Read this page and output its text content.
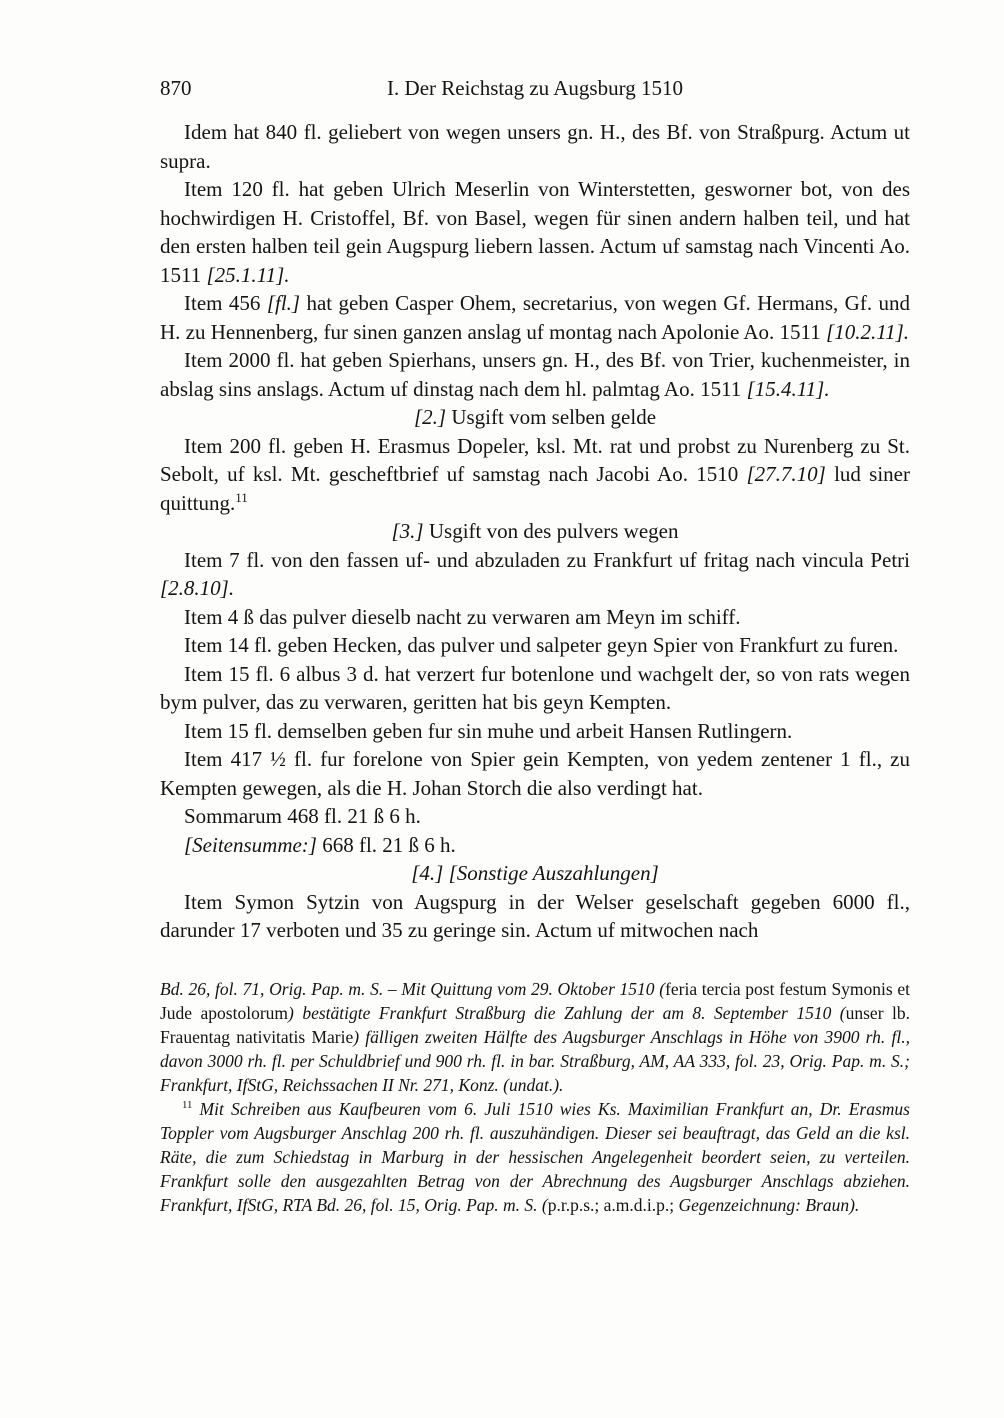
870	I. Der Reichstag zu Augsburg 1510

Idem hat 840 fl. geliebert von wegen unsers gn. H., des Bf. von Straßpurg. Actum ut supra.

Item 120 fl. hat geben Ulrich Meserlin von Winterstetten, gesworner bot, von des hochwirdigen H. Cristoffel, Bf. von Basel, wegen für sinen andern halben teil, und hat den ersten halben teil gein Augspurg liebern lassen. Actum uf samstag nach Vincenti Ao. 1511 [25.1.11].

Item 456 [fl.] hat geben Casper Ohem, secretarius, von wegen Gf. Hermans, Gf. und H. zu Hennenberg, fur sinen ganzen anslag uf montag nach Apolonie Ao. 1511 [10.2.11].

Item 2000 fl. hat geben Spierhans, unsers gn. H., des Bf. von Trier, kuchenmeister, in abslag sins anslags. Actum uf dinstag nach dem hl. palmtag Ao. 1511 [15.4.11].

[2.] Usgift vom selben gelde

Item 200 fl. geben H. Erasmus Dopeler, ksl. Mt. rat und probst zu Nurenberg zu St. Sebolt, uf ksl. Mt. gescheftbrief uf samstag nach Jacobi Ao. 1510 [27.7.10] lud siner quittung.$^{11}$

[3.] Usgift von des pulvers wegen

Item 7 fl. von den fassen uf- und abzuladen zu Frankfurt uf fritag nach vincula Petri [2.8.10].

Item 4 ß das pulver dieselb nacht zu verwaren am Meyn im schiff.

Item 14 fl. geben Hecken, das pulver und salpeter geyn Spier von Frankfurt zu furen.

Item 15 fl. 6 albus 3 d. hat verzert fur botenlone und wachgelt der, so von rats wegen bym pulver, das zu verwaren, geritten hat bis geyn Kempten.

Item 15 fl. demselben geben fur sin muhe und arbeit Hansen Rutlingern.

Item 417 ½ fl. fur forelone von Spier gein Kempten, von yedem zentener 1 fl., zu Kempten gewegen, als die H. Johan Storch die also verdingt hat.

Sommarum 468 fl. 21 ß 6 h.

[Seitensumme:] 668 fl. 21 ß 6 h.

[4.] [Sonstige Auszahlungen]

Item Symon Sytzin von Augspurg in der Welser geselschaft gegeben 6000 fl., darunder 17 verboten und 35 zu geringe sin. Actum uf mitwochen nach

Bd. 26, fol. 71, Orig. Pap. m. S. – Mit Quittung vom 29. Oktober 1510 (feria tercia post festum Symonis et Jude apostolorum) bestätigte Frankfurt Straßburg die Zahlung der am 8. September 1510 (unser lb. Frauentag nativitatis Marie) fälligen zweiten Hälfte des Augsburger Anschlags in Höhe von 3900 rh. fl., davon 3000 rh. fl. per Schuldbrief und 900 rh. fl. in bar. Straßburg, AM, AA 333, fol. 23, Orig. Pap. m. S.; Frankfurt, IfStG, Reichssachen II Nr. 271, Konz. (undat.).

$^{11}$ Mit Schreiben aus Kaufbeuren vom 6. Juli 1510 wies Ks. Maximilian Frankfurt an, Dr. Erasmus Toppler vom Augsburger Anschlag 200 rh. fl. auszuhändigen. Dieser sei beauftragt, das Geld an die ksl. Räte, die zum Schiedstag in Marburg in der hessischen Angelegenheit beordert seien, zu verteilen. Frankfurt solle den ausgezahlten Betrag von der Abrechnung des Augsburger Anschlags abziehen. Frankfurt, IfStG, RTA Bd. 26, fol. 15, Orig. Pap. m. S. (p.r.p.s.; a.m.d.i.p.; Gegenzeichnung: Braun).
